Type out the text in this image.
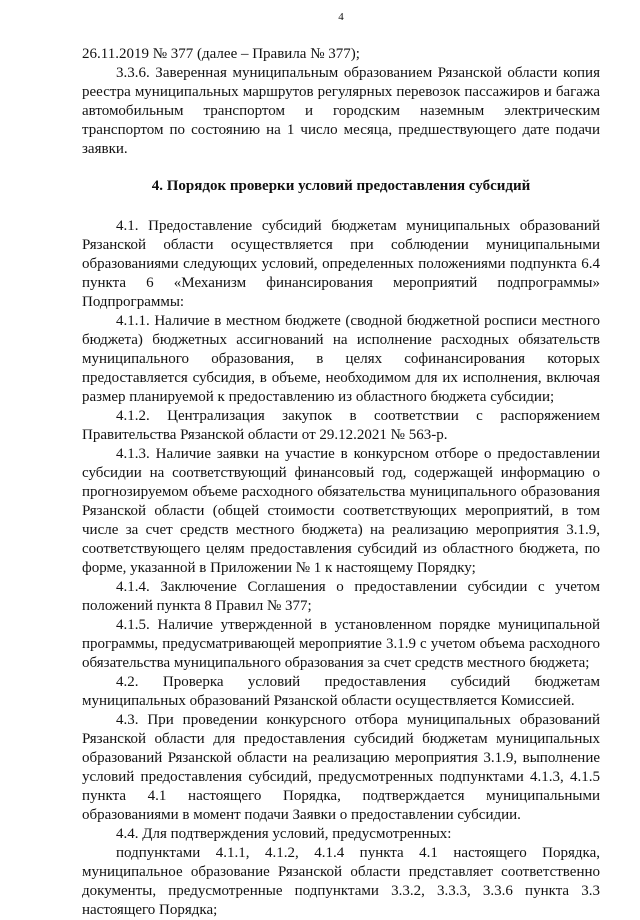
4

26.11.2019 № 377 (далее – Правила № 377);

3.3.6. Заверенная муниципальным образованием Рязанской области копия реестра муниципальных маршрутов регулярных перевозок пассажиров и багажа автомобильным транспортом и городским наземным электрическим транспортом по состоянию на 1 число месяца, предшествующего дате подачи заявки.

4. Порядок проверки условий предоставления субсидий

4.1. Предоставление субсидий бюджетам муниципальных образований Рязанской области осуществляется при соблюдении муниципальными образованиями следующих условий, определенных положениями подпункта 6.4 пункта 6 «Механизм финансирования мероприятий подпрограммы» Подпрограммы:

4.1.1. Наличие в местном бюджете (сводной бюджетной росписи местного бюджета) бюджетных ассигнований на исполнение расходных обязательств муниципального образования, в целях софинансирования которых предоставляется субсидия, в объеме, необходимом для их исполнения, включая размер планируемой к предоставлению из областного бюджета субсидии;

4.1.2. Централизация закупок в соответствии с распоряжением Правительства Рязанской области от 29.12.2021 № 563-р.

4.1.3. Наличие заявки на участие в конкурсном отборе о предоставлении субсидии на соответствующий финансовый год, содержащей информацию о прогнозируемом объеме расходного обязательства муниципального образования Рязанской области (общей стоимости соответствующих мероприятий, в том числе за счет средств местного бюджета) на реализацию мероприятия 3.1.9, соответствующего целям предоставления субсидий из областного бюджета, по форме, указанной в Приложении № 1 к настоящему Порядку;

4.1.4. Заключение Соглашения о предоставлении субсидии с учетом положений пункта 8 Правил № 377;

4.1.5. Наличие утвержденной в установленном порядке муниципальной программы, предусматривающей мероприятие 3.1.9 с учетом объема расходного обязательства муниципального образования за счет средств местного бюджета;

4.2. Проверка условий предоставления субсидий бюджетам муниципальных образований Рязанской области осуществляется Комиссией.

4.3. При проведении конкурсного отбора муниципальных образований Рязанской области для предоставления субсидий бюджетам муниципальных образований Рязанской области на реализацию мероприятия 3.1.9, выполнение условий предоставления субсидий, предусмотренных подпунктами 4.1.3, 4.1.5 пункта 4.1 настоящего Порядка, подтверждается муниципальными образованиями в момент подачи Заявки о предоставлении субсидии.

4.4. Для подтверждения условий, предусмотренных:

подпунктами 4.1.1, 4.1.2, 4.1.4 пункта 4.1 настоящего Порядка, муниципальное образование Рязанской области представляет соответственно документы, предусмотренные подпунктами 3.3.2, 3.3.3, 3.3.6 пункта 3.3 настоящего Порядка;
